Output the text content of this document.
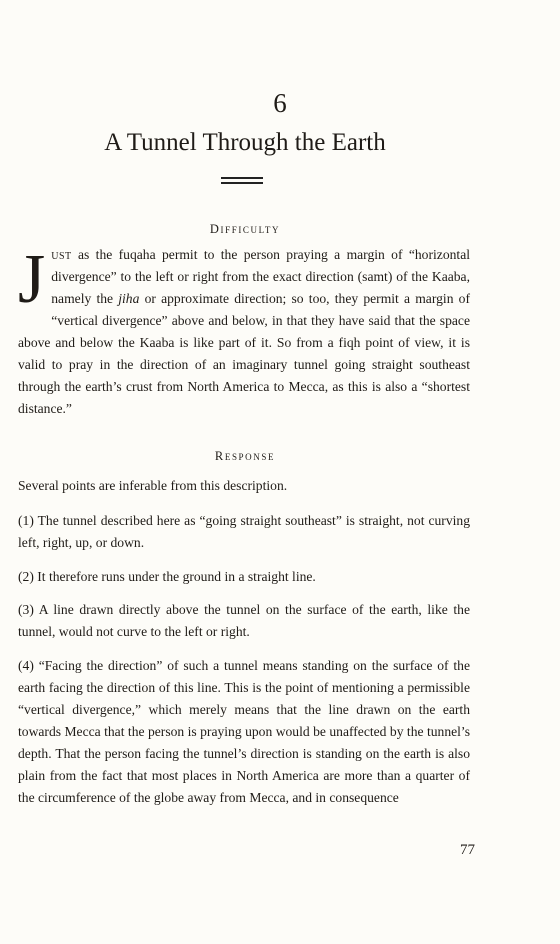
6
A Tunnel Through the Earth
Difficulty
Just as the fuqaha permit to the person praying a margin of “horizontal divergence” to the left or right from the exact direction (samt) of the Kaaba, namely the jiha or approximate direction; so too, they permit a margin of “vertical divergence” above and below, in that they have said that the space above and below the Kaaba is like part of it. So from a fiqh point of view, it is valid to pray in the direction of an imaginary tunnel going straight southeast through the earth’s crust from North America to Mecca, as this is also a “shortest distance.”
Response
Several points are inferable from this description.
(1) The tunnel described here as “going straight southeast” is straight, not curving left, right, up, or down.
(2) It therefore runs under the ground in a straight line.
(3) A line drawn directly above the tunnel on the surface of the earth, like the tunnel, would not curve to the left or right.
(4) “Facing the direction” of such a tunnel means standing on the surface of the earth facing the direction of this line. This is the point of mentioning a permissible “vertical divergence,” which merely means that the line drawn on the earth towards Mecca that the person is praying upon would be unaffected by the tunnel’s depth. That the person facing the tunnel’s direction is standing on the earth is also plain from the fact that most places in North America are more than a quarter of the circumference of the globe away from Mecca, and in consequence
77
